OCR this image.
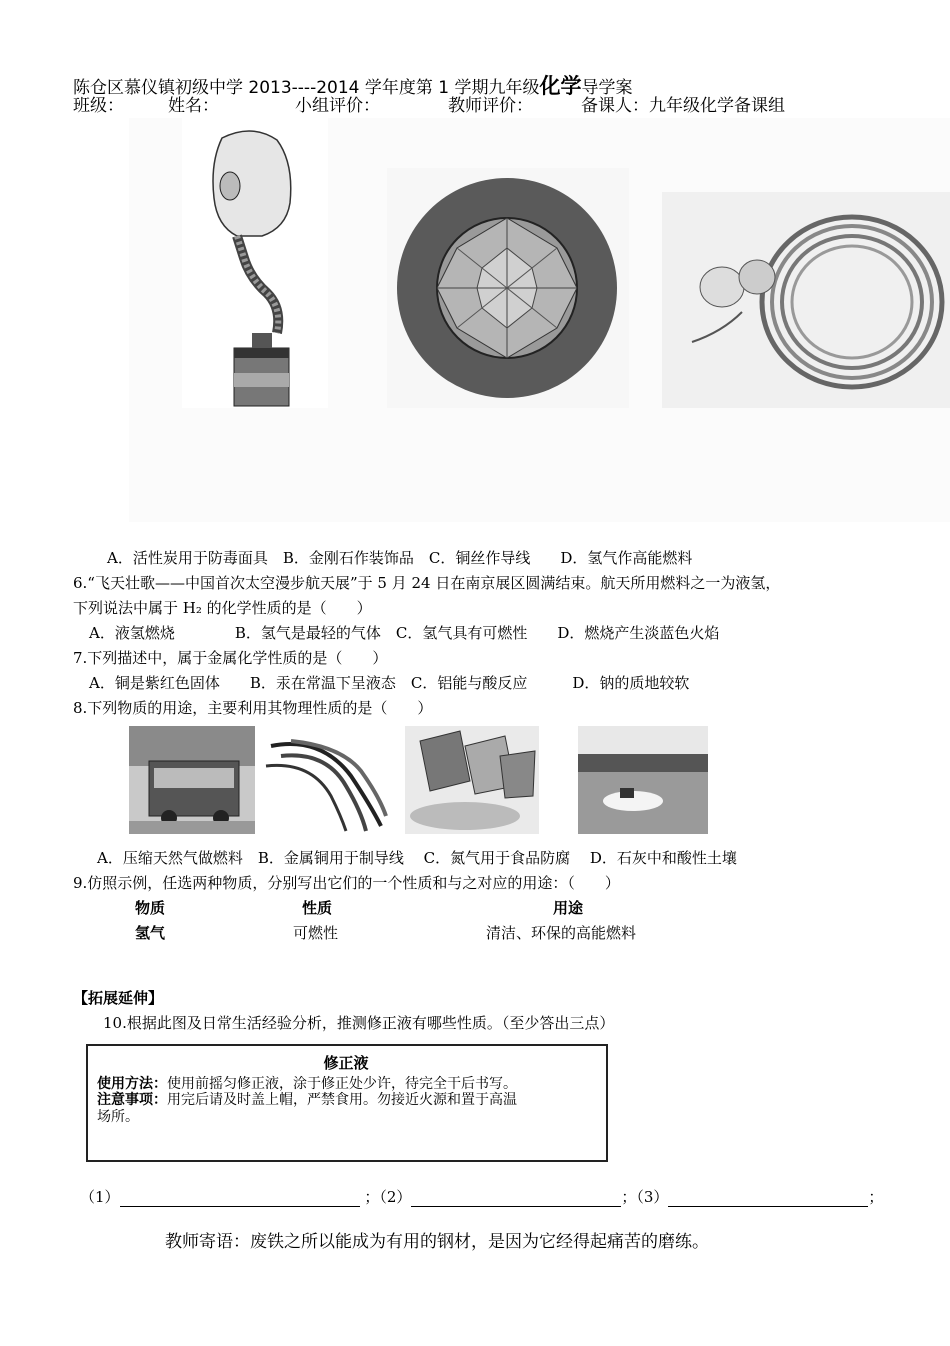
陈仓区慕仪镇初级中学 2013----2014 学年度第 1 学期九年级化学导学案
班级：	姓名：	小组评价：	教师评价：	备课人：九年级化学备课组
A．活性炭用于防毒面具　B．金刚石作装饰品　C．铜丝作导线　　D．氢气作高能燃料
6.“飞天壮歌——中国首次太空漫步航天展”于 5 月 24 日在南京展区圆满结束。航天所用燃料之一为液氢，
下列说法中属于 H₂ 的化学性质的是（　　）
A．液氢燃烧　　　　B．氢气是最轻的气体　C．氢气具有可燃性　　D．燃烧产生淡蓝色火焰
7.下列描述中，属于金属化学性质的是（　　）
A．铜是紫红色固体　　B．汞在常温下呈液态　C．铝能与酸反应　　　D．钠的质地较软
8.下列物质的用途，主要利用其物理性质的是（　　）
A．压缩天然气做燃料　B．金属铜用于制导线　 C．氮气用于食品防腐　 D．石灰中和酸性土壤
9.仿照示例，任选两种物质，分别写出它们的一个性质和与之对应的用途：（　　）
物质	性质	用途
氢气	可燃性	清洁、环保的高能燃料
【拓展延伸】
10.根据此图及日常生活经验分析，推测修正液有哪些性质。（至少答出三点）
修正液
使用方法：使用前摇匀修正液，涂于修正处少许，待完全干后书写。
注意事项：用完后请及时盖上帽，严禁食用。勿接近火源和置于高温
场所。
（1）	；（2）	；（3）	；
教师寄语：废铁之所以能成为有用的钢材，是因为它经得起痛苦的磨练。
